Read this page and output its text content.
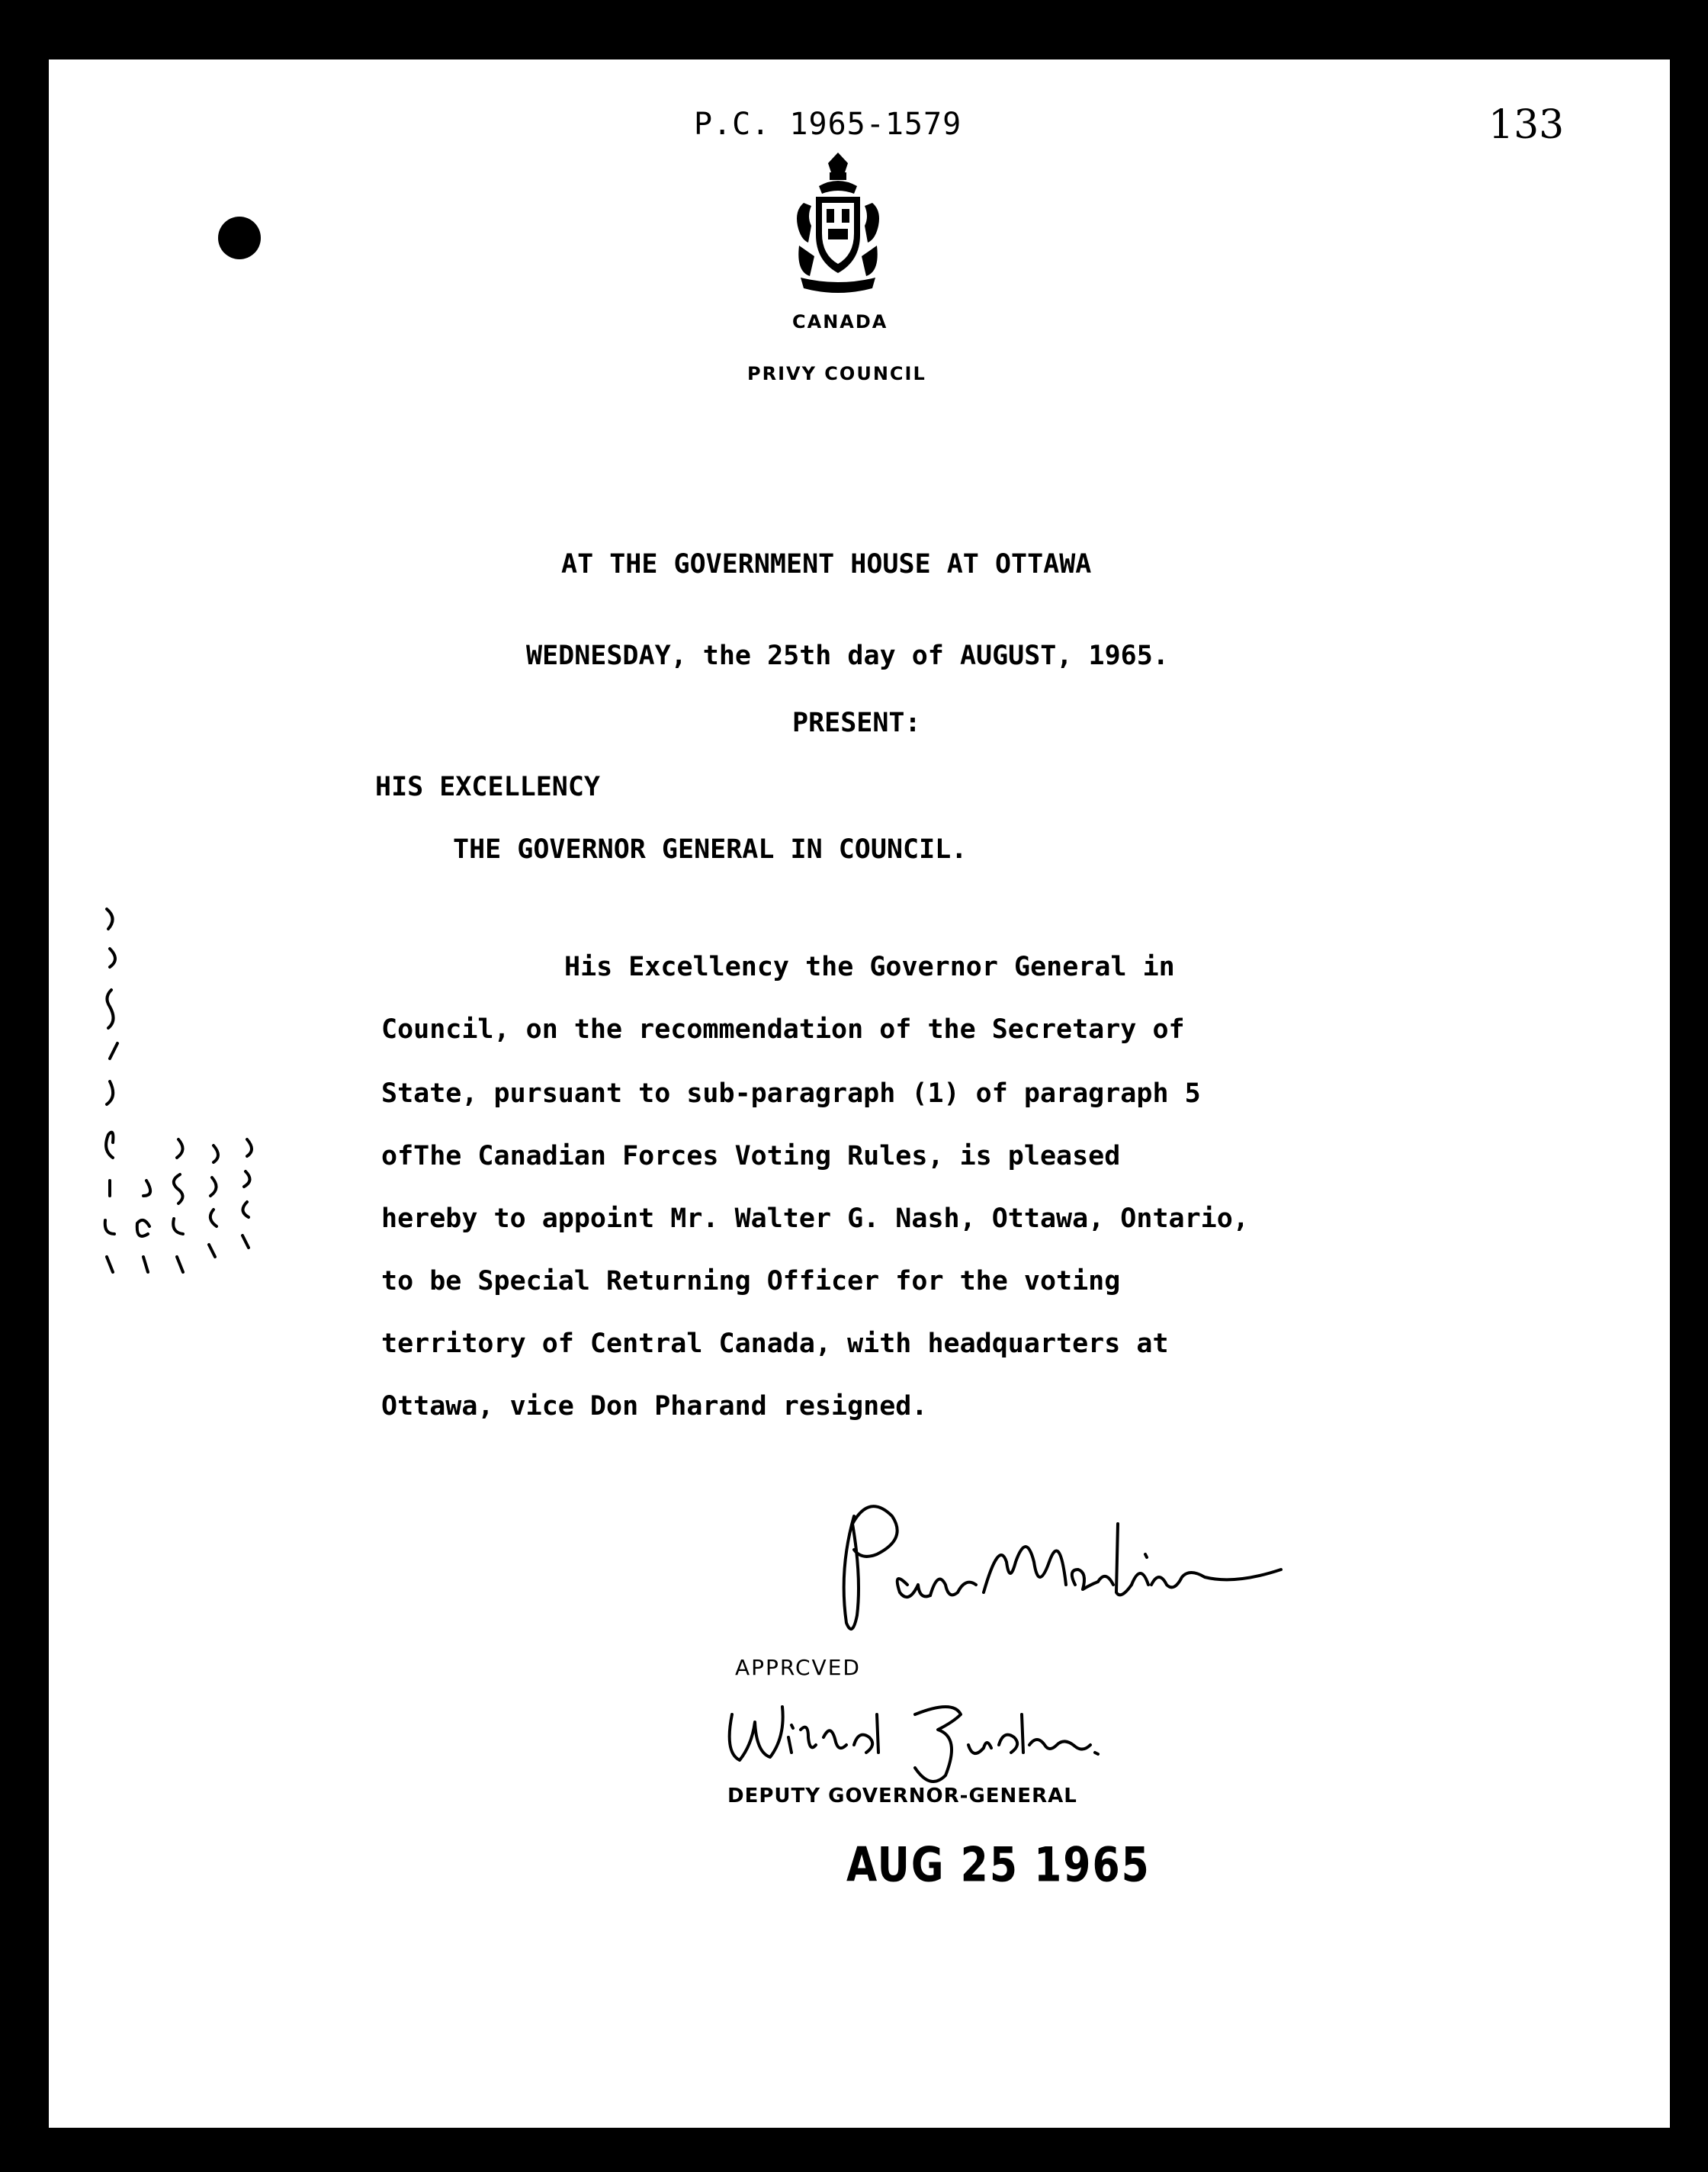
P.C. 1965-1579	133
CANADA
PRIVY COUNCIL
AT THE GOVERNMENT HOUSE AT OTTAWA
WEDNESDAY, the 25th day of AUGUST, 1965.
PRESENT:
HIS EXCELLENCY
THE GOVERNOR GENERAL IN COUNCIL.
His Excellency the Governor General in
Council, on the recommendation of the Secretary of
State, pursuant to sub-paragraph (1) of paragraph 5
ofThe Canadian Forces Voting Rules, is pleased
hereby to appoint Mr. Walter G. Nash, Ottawa, Ontario,
to be Special Returning Officer for the voting
territory of Central Canada, with headquarters at
Ottawa, vice Don Pharand resigned.
APPRCVED
DEPUTY GOVERNOR-GENERAL
AUG 25 1965
